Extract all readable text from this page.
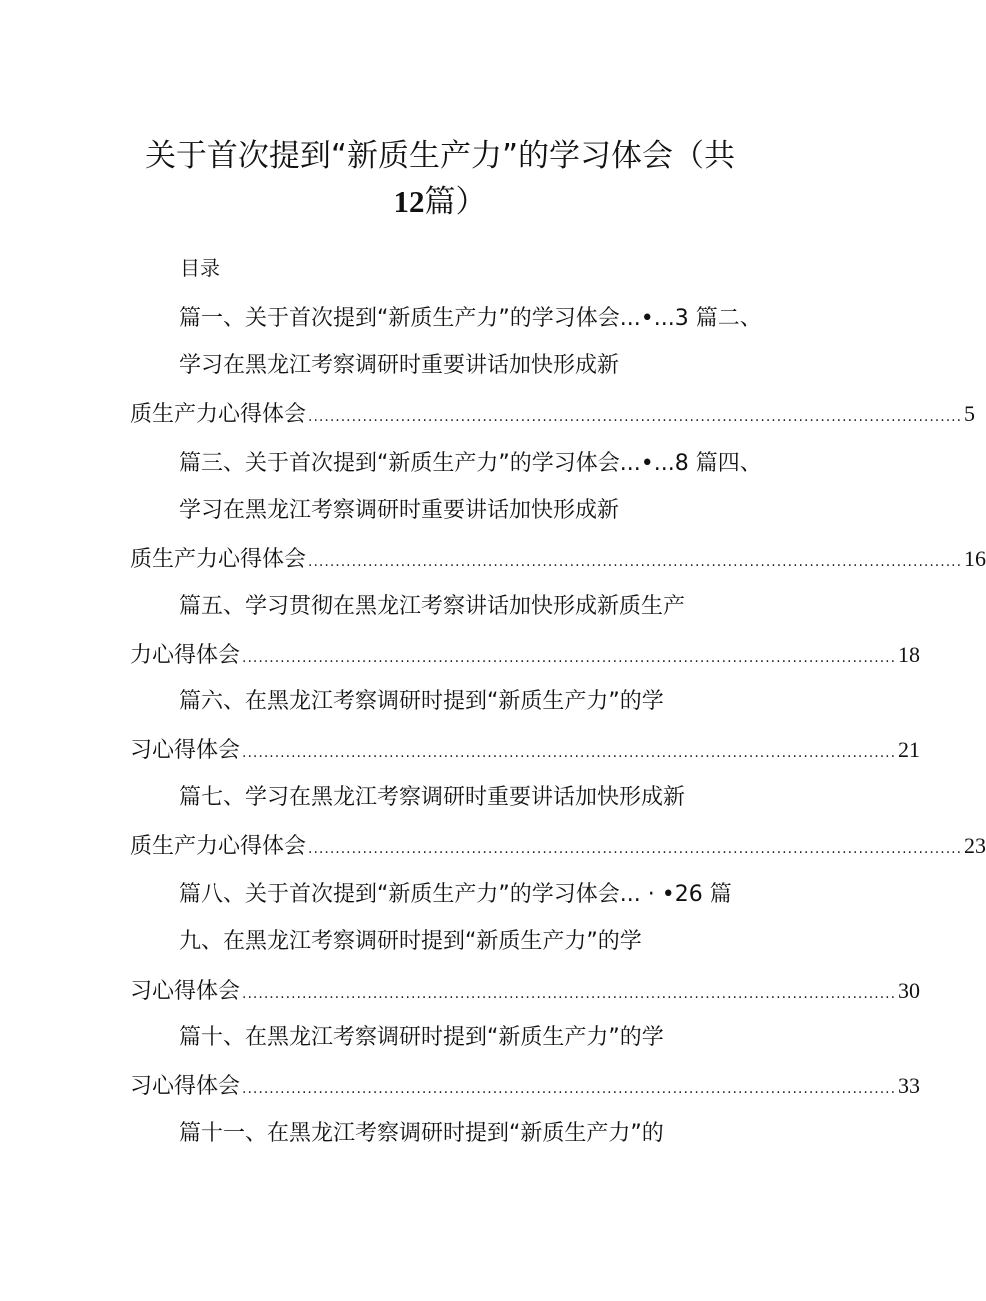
关于首次提到“新质生产力”的学习体会（共
12篇）
目录
篇一、关于首次提到“新质生产力”的学习体会...•...3 篇二、
学习在黑龙江考察调研时重要讲话加快形成新
质生产力心得体会 ........................................................................................................................ 5
篇三、关于首次提到“新质生产力”的学习体会...•...8 篇四、
学习在黑龙江考察调研时重要讲话加快形成新
质生产力心得体会 ........................................................................................................................ 16
篇五、学习贯彻在黑龙江考察讲话加快形成新质生产
力心得体会 ........................................................................................................................ 18
篇六、在黑龙江考察调研时提到“新质生产力”的学
习心得体会 ........................................................................................................................ 21
篇七、学习在黑龙江考察调研时重要讲话加快形成新
质生产力心得体会 ........................................................................................................................ 23
篇八、关于首次提到“新质生产力”的学习体会... · •26 篇
九、在黑龙江考察调研时提到“新质生产力”的学
习心得体会 ........................................................................................................................ 30
篇十、在黑龙江考察调研时提到“新质生产力”的学
习心得体会 ........................................................................................................................ 33
篇十一、在黑龙江考察调研时提到“新质生产力”的
